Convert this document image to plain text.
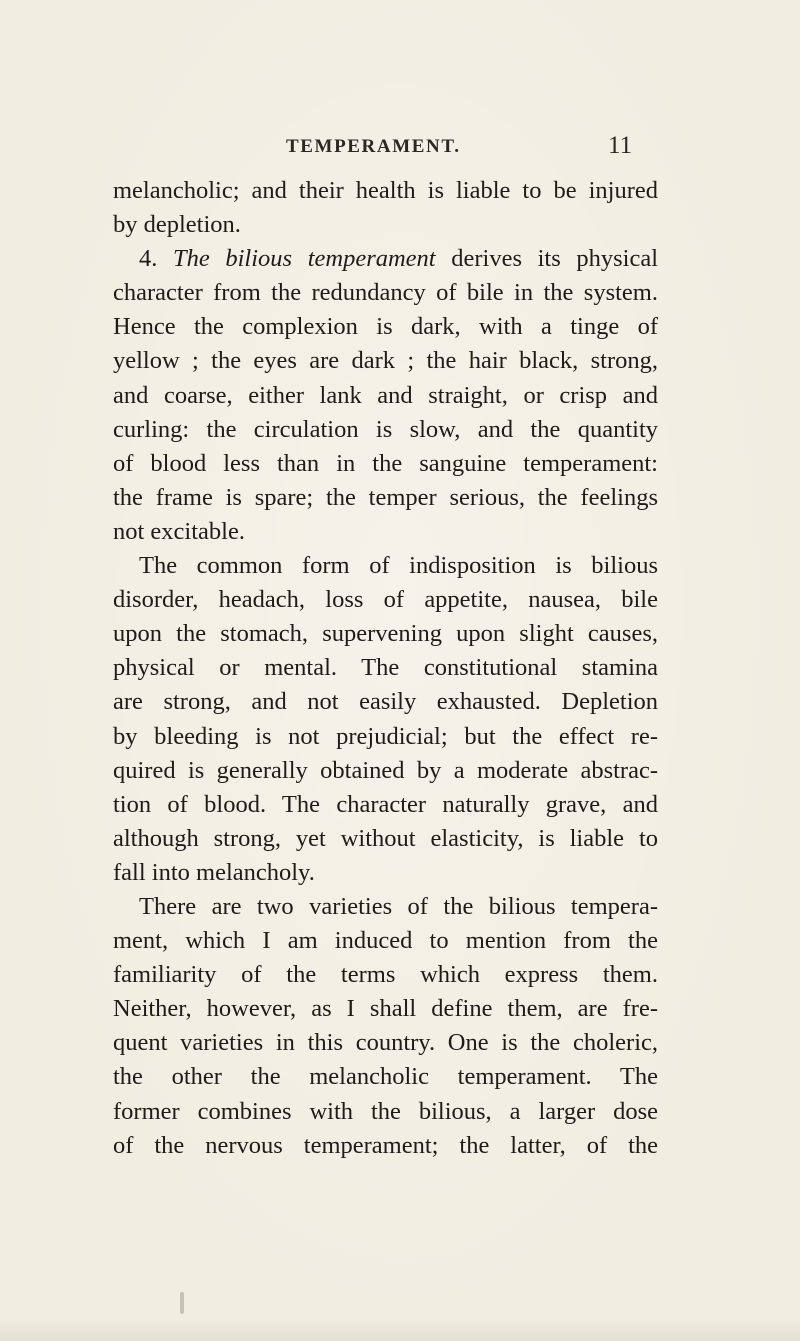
TEMPERAMENT.	11
melancholic; and their health is liable to be injured
by depletion.
4. The bilious temperament derives its physical
character from the redundancy of bile in the system.
Hence the complexion is dark, with a tinge of
yellow ; the eyes are dark ; the hair black, strong,
and coarse, either lank and straight, or crisp and
curling: the circulation is slow, and the quantity
of blood less than in the sanguine temperament:
the frame is spare; the temper serious, the feelings
not excitable.
The common form of indisposition is bilious
disorder, headach, loss of appetite, nausea, bile
upon the stomach, supervening upon slight causes,
physical or mental. The constitutional stamina
are strong, and not easily exhausted. Depletion
by bleeding is not prejudicial; but the effect re-
quired is generally obtained by a moderate abstrac-
tion of blood. The character naturally grave, and
although strong, yet without elasticity, is liable to
fall into melancholy.
There are two varieties of the bilious tempera-
ment, which I am induced to mention from the
familiarity of the terms which express them.
Neither, however, as I shall define them, are fre-
quent varieties in this country. One is the choleric,
the other the melancholic temperament. The
former combines with the bilious, a larger dose
of the nervous temperament; the latter, of the
